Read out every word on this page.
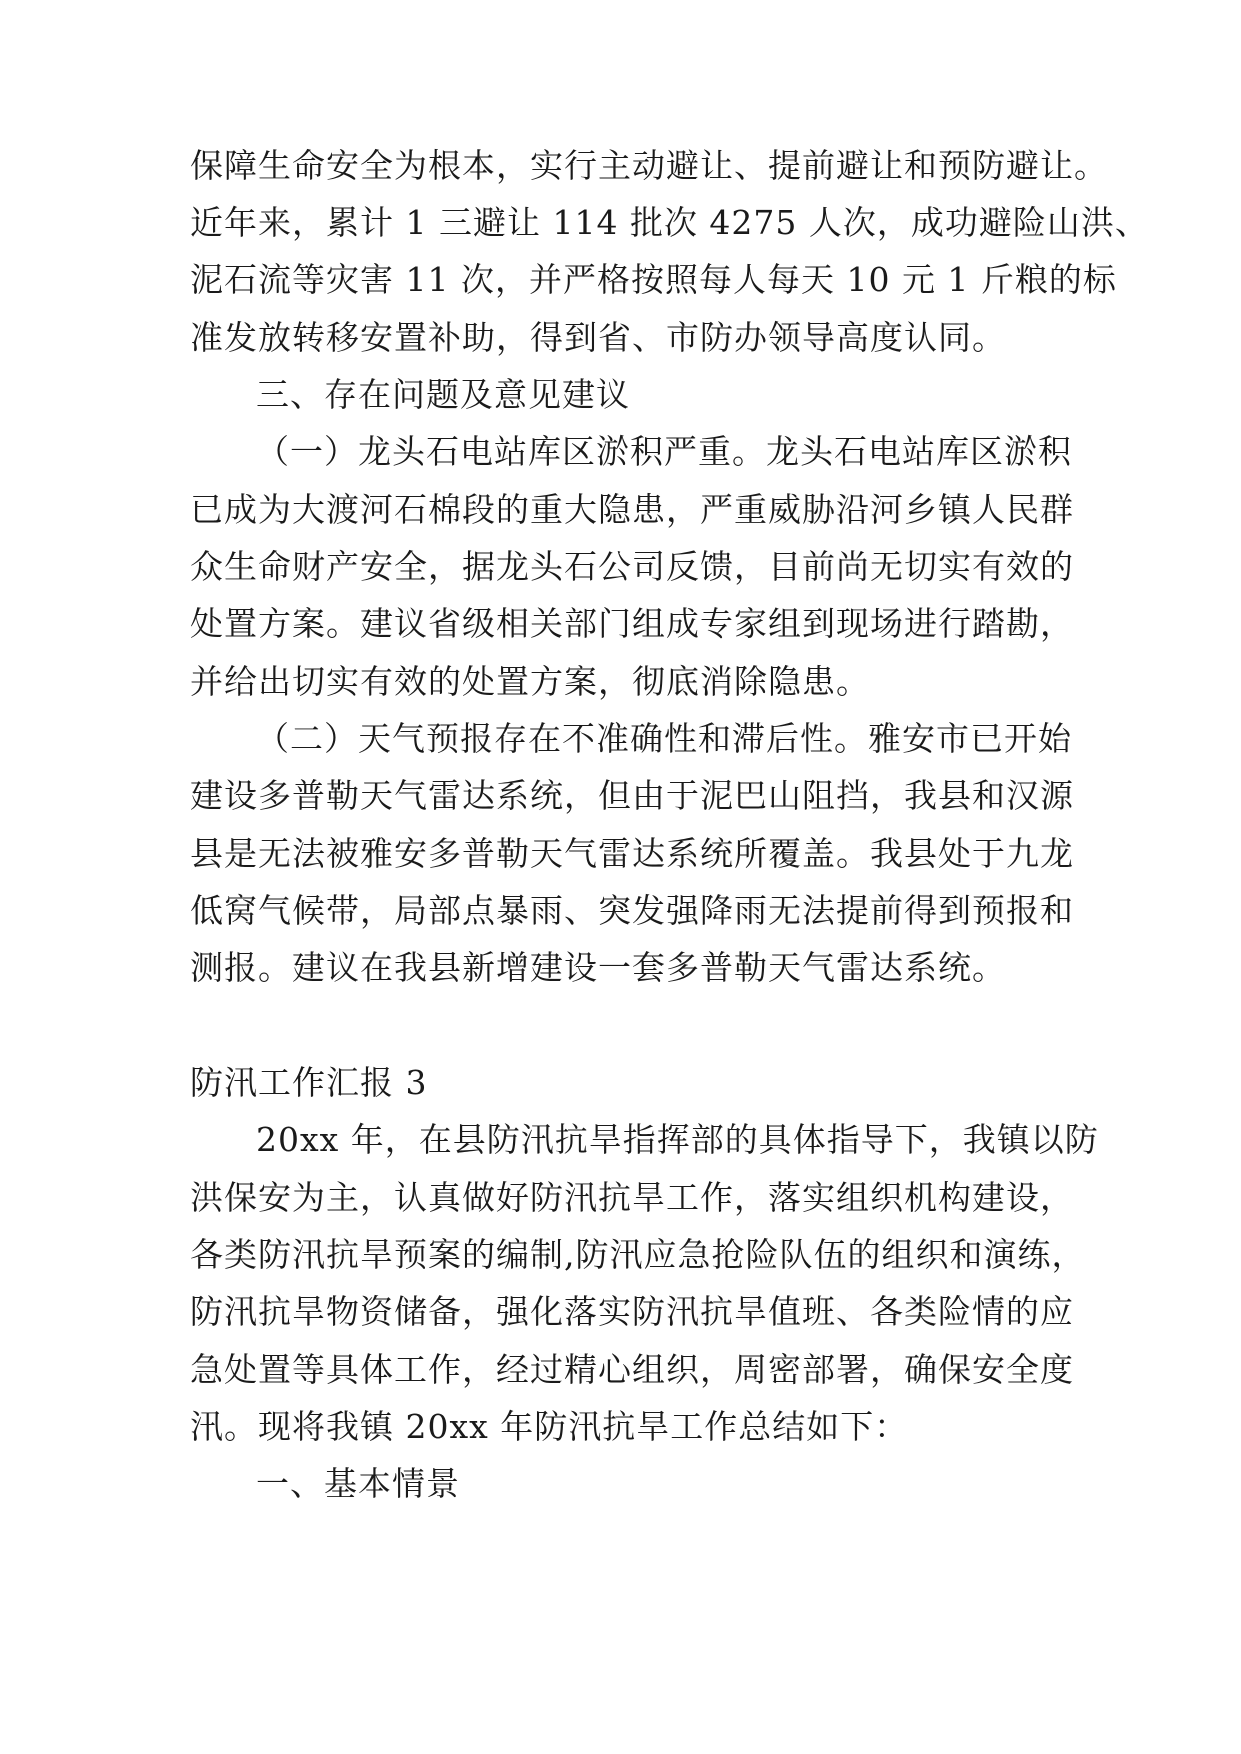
保障生命安全为根本，实行主动避让、提前避让和预防避让。
近年来，累计 1 三避让 114 批次 4275 人次，成功避险山洪、
泥石流等灾害 11 次，并严格按照每人每天 10 元 1 斤粮的标
准发放转移安置补助，得到省、市防办领导高度认同。
三、存在问题及意见建议
（一）龙头石电站库区淤积严重。龙头石电站库区淤积
已成为大渡河石棉段的重大隐患，严重威胁沿河乡镇人民群
众生命财产安全，据龙头石公司反馈，目前尚无切实有效的
处置方案。建议省级相关部门组成专家组到现场进行踏勘，
并给出切实有效的处置方案，彻底消除隐患。
（二）天气预报存在不准确性和滞后性。雅安市已开始
建设多普勒天气雷达系统，但由于泥巴山阻挡，我县和汉源
县是无法被雅安多普勒天气雷达系统所覆盖。我县处于九龙
低窝气候带，局部点暴雨、突发强降雨无法提前得到预报和
测报。建议在我县新增建设一套多普勒天气雷达系统。
防汛工作汇报 3
20xx 年，在县防汛抗旱指挥部的具体指导下，我镇以防
洪保安为主，认真做好防汛抗旱工作，落实组织机构建设，
各类防汛抗旱预案的编制,防汛应急抢险队伍的组织和演练，
防汛抗旱物资储备，强化落实防汛抗旱值班、各类险情的应
急处置等具体工作，经过精心组织，周密部署，确保安全度
汛。现将我镇 20xx 年防汛抗旱工作总结如下：
一、基本情景
